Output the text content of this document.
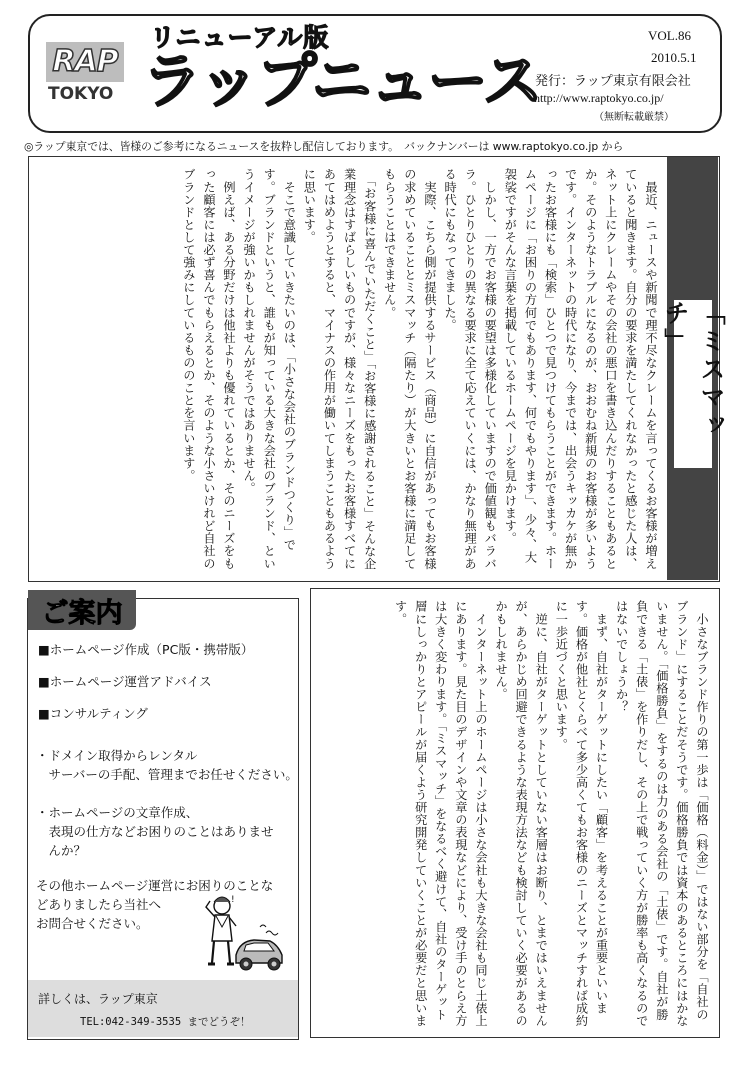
RAP
TOKYO
リニューアル版
ラップニュース
VOL.86
2010.5.1
発行：ラップ東京有限会社
http://www.raptokyo.co.jp/
（無断転載厳禁）
◎ラップ東京では、皆様のご参考になるニュースを抜粋し配信しております。　バックナンバーは www.raptokyo.co.jp から
「ミスマッチ」
　最近、ニュースや新聞で理不尽なクレームを言ってくるお客様が増えていると聞きます。自分の要求を満たしてくれなかったと感じた人は、ネット上にクレームやその会社の悪口を書き込んだりすることもあるとか。そのようなトラブルになるのが、おおむね新規のお客様が多いようです。インターネットの時代になり、今までは、出会うキッカケが無かったお客様にも「検索」ひとつで見つけてもらうことができます。ホームページに「お困りの方何でもあります、何でもやります」、少々、大袈裟ですがそんな言葉を掲載しているホームページを見かけます。
　しかし、一方でお客様の要望は多様化していますので価値観もバラバラ。ひとりひとりの異なる要求に全て応えていくには、かなり無理がある時代にもなってきました。
　実際、こちら側が提供するサービス（商品）に自信があってもお客様の求めていることとミスマッチ（隔たり）が大きいとお客様に満足してもらうことはできません。
　「お客様に喜んでいただくこと」「お客様に感謝されること」そんな企業理念はすばらしいものですが、様々なニーズをもったお客様すべてにあてはめようとすると、マイナスの作用が働いてしまうこともあるように思います。
　そこで意識していきたいのは、「小さな会社のブランドつくり」です。ブランドというと、誰もが知っている大きな会社のブランド、というイメージが強いかもしれませんがそうではありません。
　例えば、ある分野だけは他社よりも優れているとか、そのニーズをもった顧客には必ず喜んでもらえるとか、そのような小さいけれど自社のブランドとして強みにしているもののことを言います。
ご案内
■ホームページ作成（PC版・携帯版）
■ホームページ運営アドバイス
■コンサルティング
・ドメイン取得からレンタル
　サーバーの手配、管理までお任せください。
・ホームページの文章作成、
　表現の仕方などお困りのことはありませ
　んか？
その他ホームページ運営にお困りのことな
どありましたら当社へ
お問合せください。
!
詳しくは、ラップ東京
TEL:042-349-3535 までどうぞ！
　小さなブランド作りの第一歩は「価格（料金）」ではない部分を「自社のブランド」にすることだそうです。価格勝負では資本のあるところにはかないません。「価格勝負」をするのは力のある会社の「土俵」です。自社が勝負できる「土俵」を作りだし、その上で戦っていく方が勝率も高くなるのではないでしょうか？
　まず、自社がターゲットにしたい「顧客」を考えることが重要といいます。価格が他社とくらべて多少高くてもお客様のニーズとマッチすれば成約に一歩近づくと思います。
　逆に、自社がターゲットとしていない客層はお断り、とまではいえませんが、あらかじめ回避できるような表現方法なども検討していく必要があるのかもしれません。
　インターネット上のホームページは小さな会社も大きな会社も同じ土俵上にあります。見た目のデザインや文章の表現などにより、受け手のとらえ方は大きく変わります。「ミスマッチ」をなるべく避けて、自社のターゲット層にしっかりとアピールが届くよう研究開発していくことが必要だと思います。
